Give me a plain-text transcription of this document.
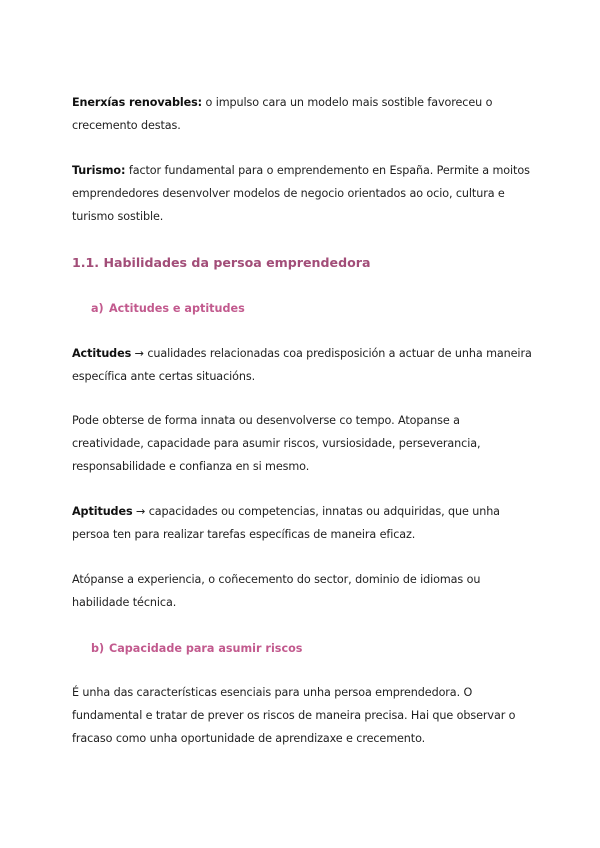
Enerxías renovables: o impulso cara un modelo mais sostible favoreceu o crecemento destas.

Turismo: factor fundamental para o emprendemento en España. Permite a moitos emprendedores desenvolver modelos de negocio orientados ao ocio, cultura e turismo sostible.

1.1. Habilidades da persoa emprendedora
a) Actitudes e aptitudes

Actitudes → cualidades relacionadas coa predisposición a actuar de unha maneira específica ante certas situacións.

Pode obterse de forma innata ou desenvolverse co tempo. Atopanse a creatividade, capacidade para asumir riscos, vursiosidade, perseverancia, responsabilidade e confianza en si mesmo.

Aptitudes → capacidades ou competencias, innatas ou adquiridas, que unha persoa ten para realizar tarefas específicas de maneira eficaz.

Atópanse a experiencia, o coñecemento do sector, dominio de idiomas ou habilidade técnica.

b) Capacidade para asumir riscos

É unha das características esenciais para unha persoa emprendedora. O fundamental e tratar de prever os riscos de maneira precisa. Hai que observar o fracaso como unha oportunidade de aprendizaxe e crecemento.
